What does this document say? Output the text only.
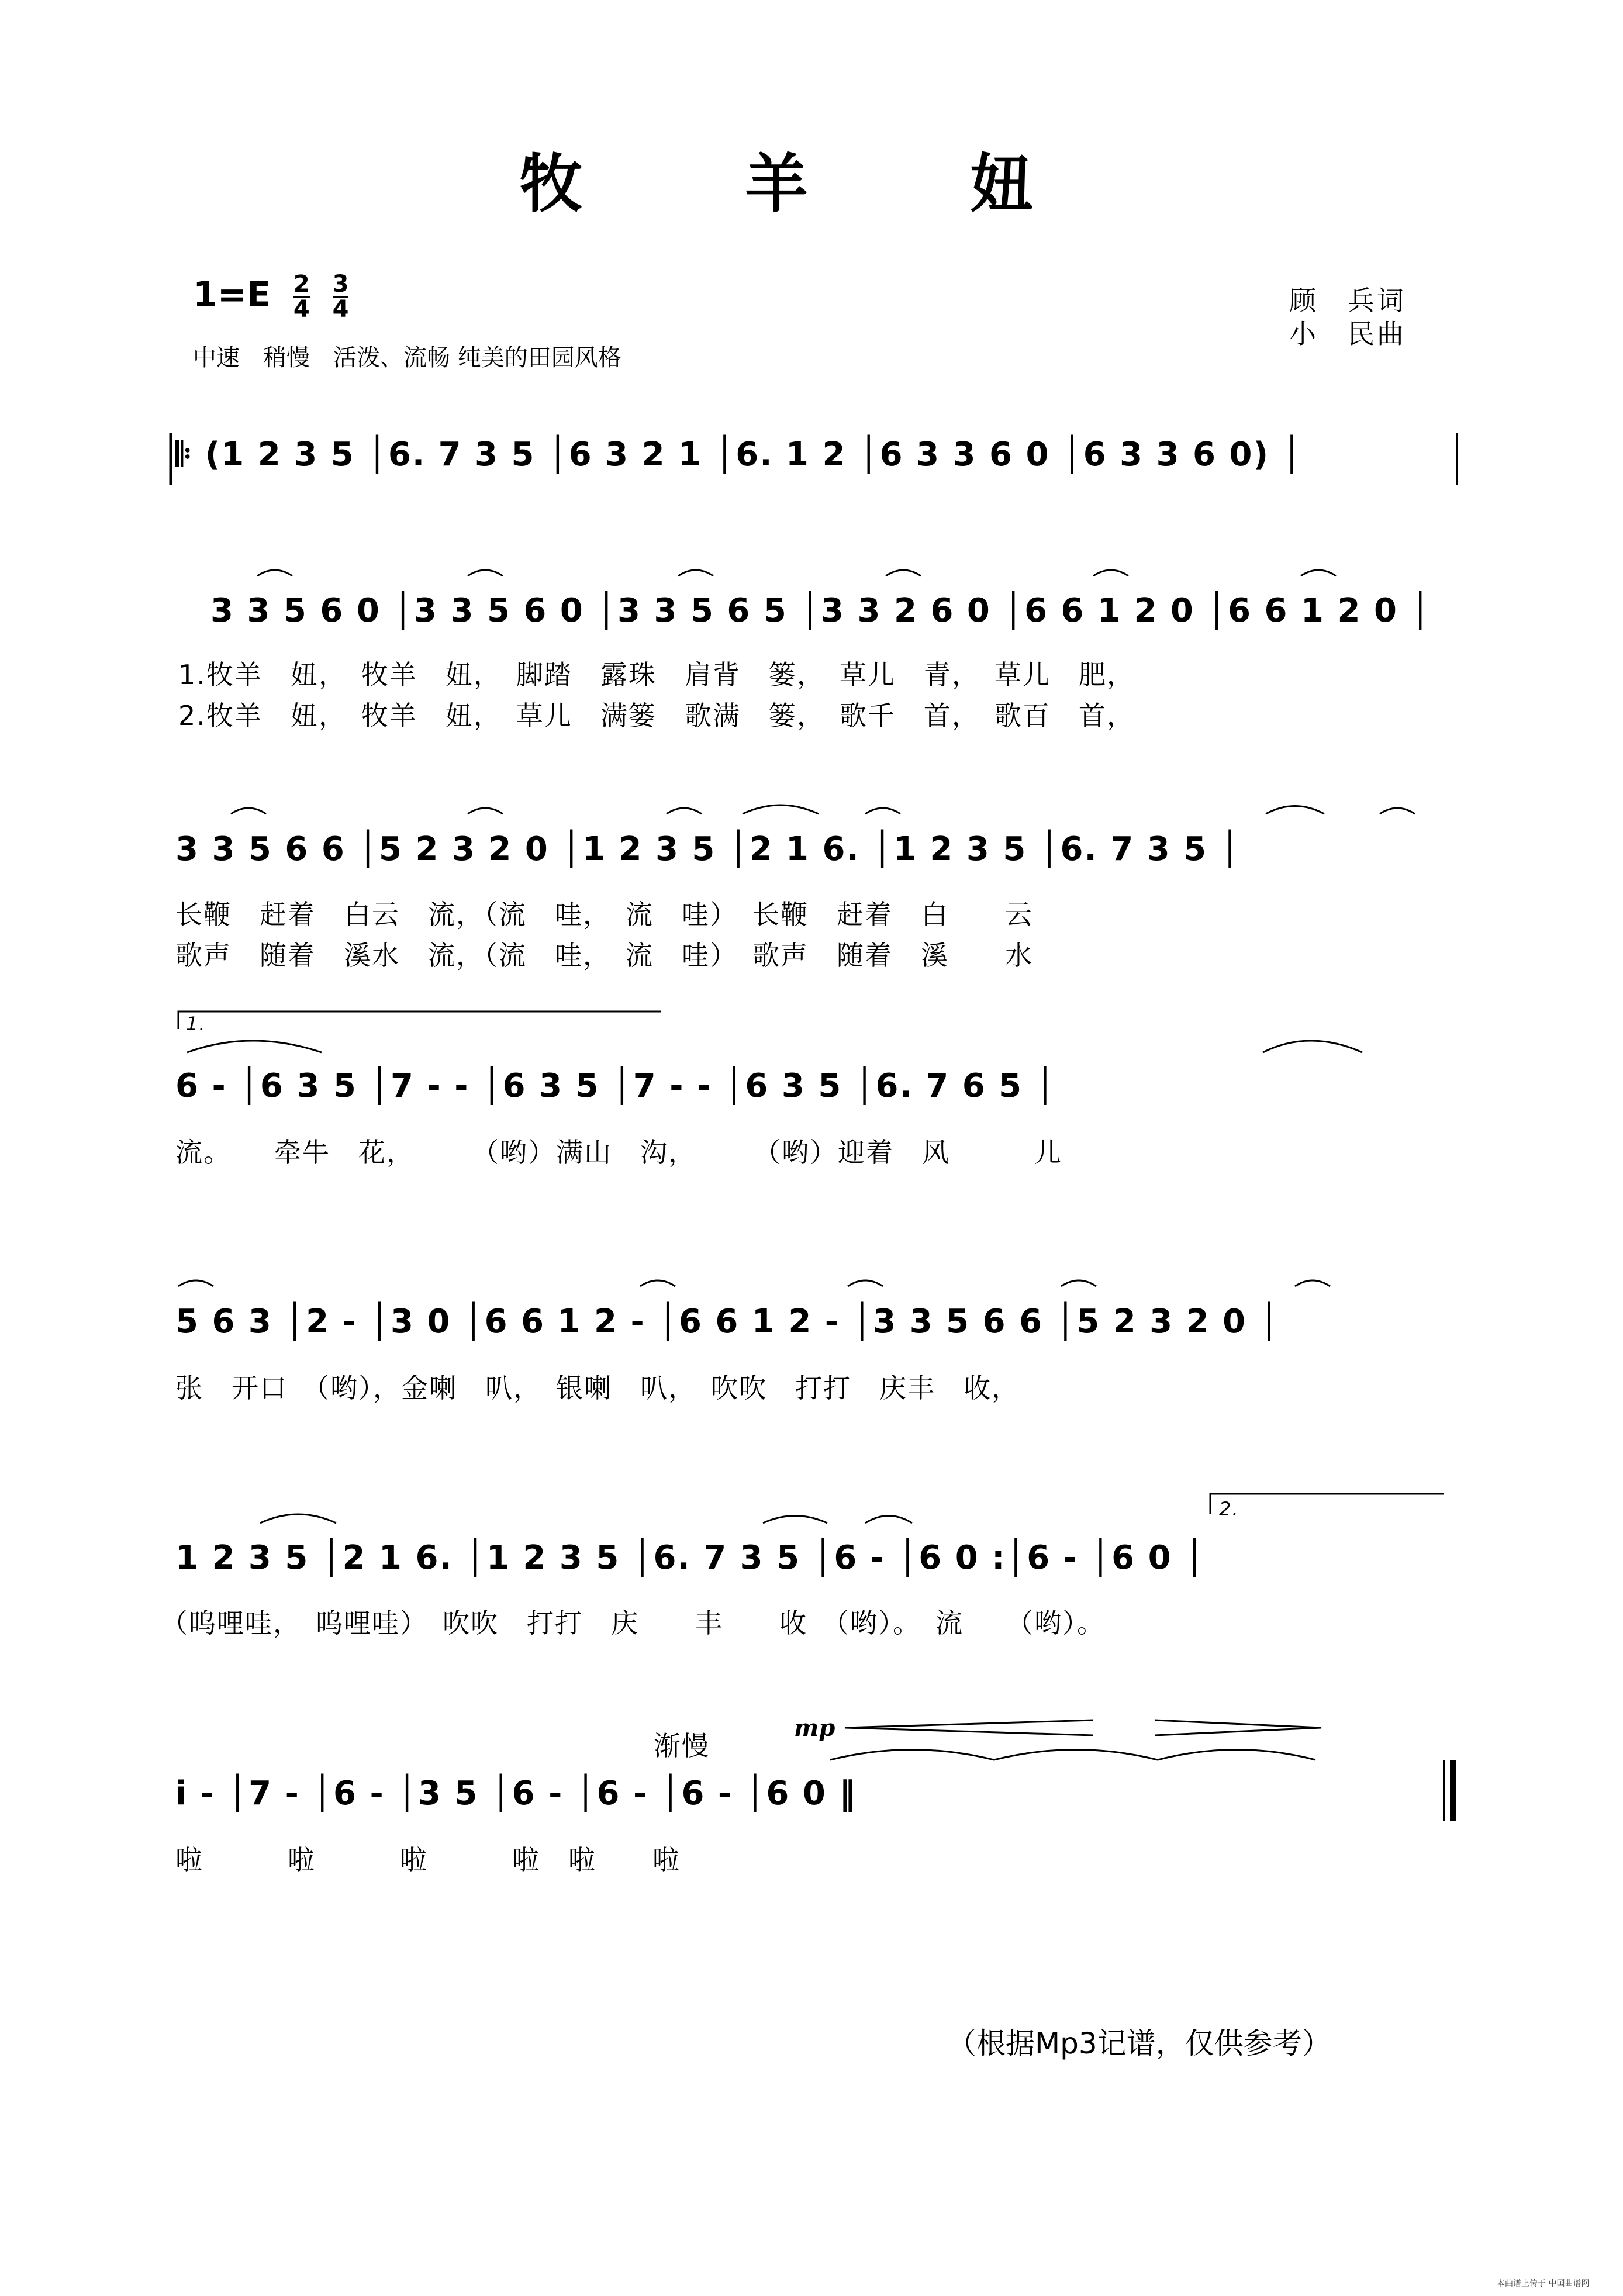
牧 羊 妞
$1=E \frac{2}{4}$
$\frac{3}{4}$
中速　稍慢　活泼、流畅 纯美的田园风格
顾　兵词
小　民曲
𝄆 (1 2 3 5 │6. 7 3 5 │6 3 2 1 │6. 1 2 │6 3 3 6 0 │6 3 3 6 0) │
3 3 5 6 0 │3 3 5 6 0 │3 3 5 6 5 │3 3 2 6 0 │6 6 1 2 0 │6 6 1 2 0 │
1.牧羊　妞，　牧羊　妞，　脚踏　露珠　肩背　篓，　草儿　青，　草儿　肥，
2.牧羊　妞，　牧羊　妞，　草儿　满篓　歌满　篓，　歌千　首，　歌百　首，
3 3 5 6 6 │5 2 3 2 0 │1 2 3 5 │2 1 6. │1 2 3 5 │6. 7 3 5 │
长鞭　赶着　白云　流，（流　哇，　流　哇）　长鞭　赶着　白　　云
歌声　随着　溪水　流，（流　哇，　流　哇）　歌声　随着　溪　　水
1.
6 - │6 3 5 │7 - - │6 3 5 │7 - - │6 3 5 │6. 7 6 5 │
流。　　牵牛　花，　　　（哟）满山　沟，　　　（哟）迎着　风　　　儿
5 6 3 │2 - │3 0 │6 6 1 2 - │6 6 1 2 - │3 3 5 6 6 │5 2 3 2 0 │
张　开口　（哟），金喇　叭，　银喇　叭，　吹吹　打打　庆丰　收，
2.
1 2 3 5 │2 1 6. │1 2 3 5 │6. 7 3 5 │6 - │6 0 :│6 - │6 0 │
（呜哩哇，　呜哩哇）　吹吹　打打　庆　　丰　　收　（哟）。　流　　（哟）。
渐慢
mp
i - │7 - │6 - │3 5 │6 - │6 - │6 - │6 0 ‖
啦　　　啦　　　啦　　　啦　啦　　啦
（根据Mp3记谱，仅供参考）
本曲谱上传于 中国曲谱网
